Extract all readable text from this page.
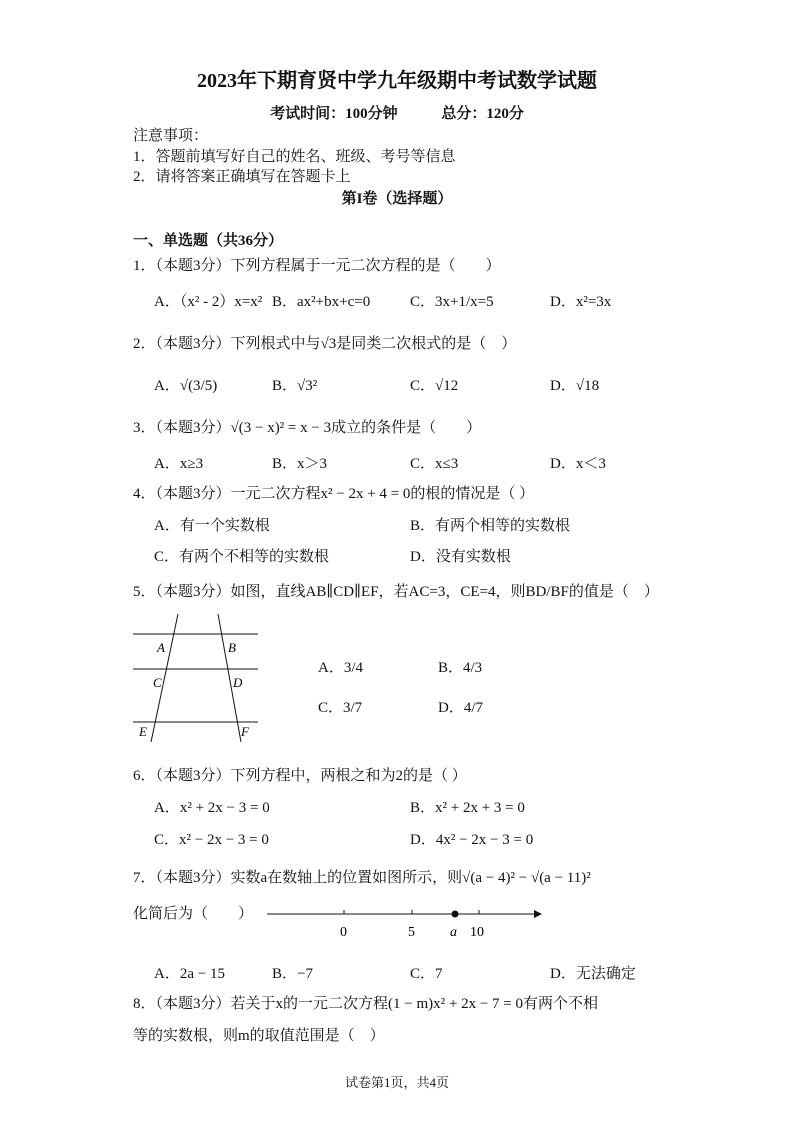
2023年下期育贤中学九年级期中考试数学试题
考试时间：100分钟	总分：120分
注意事项：
1．答题前填写好自己的姓名、班级、考号等信息
2．请将答案正确填写在答题卡上
第I卷（选择题）
一、单选题（共36分）
1．（本题3分）下列方程属于一元二次方程的是（　　）
A．（x² - 2）x=x² B．ax²+bx+c=0	C．3x+1/x=5	D．x²=3x
2．（本题3分）下列根式中与√3是同类二次根式的是（　）
A．√(3/5)	B．√3²	C．√12	D．√18
3．（本题3分）√(3 − x)² = x − 3成立的条件是（　　）
A．x≥3	B．x＞3	C．x≤3	D．x＜3
4．（本题3分）一元二次方程x² − 2x + 4 = 0的根的情况是（ ）
A．有一个实数根	B．有两个相等的实数根
C．有两个不相等的实数根	D．没有实数根
5．（本题3分）如图，直线AB∥CD∥EF，若AC=3，CE=4，则BD/BF的值是（　）
A	B
C	D
E	F
A．3/4	B．4/3
C．3/7	D．4/7
6．（本题3分）下列方程中，两根之和为2的是（ ）
A．x² + 2x − 3 = 0	B．x² + 2x + 3 = 0
C．x² − 2x − 3 = 0	D．4x² − 2x − 3 = 0
7．（本题3分）实数a在数轴上的位置如图所示，则√(a − 4)² − √(a − 11)²
化简后为（　　）
0	5	a 10
A．2a − 15	B．−7	C．7	D．无法确定
8．（本题3分）若关于x的一元二次方程(1 − m)x² + 2x − 7 = 0有两个不相
等的实数根，则m的取值范围是（　）
试卷第1页，共4页
